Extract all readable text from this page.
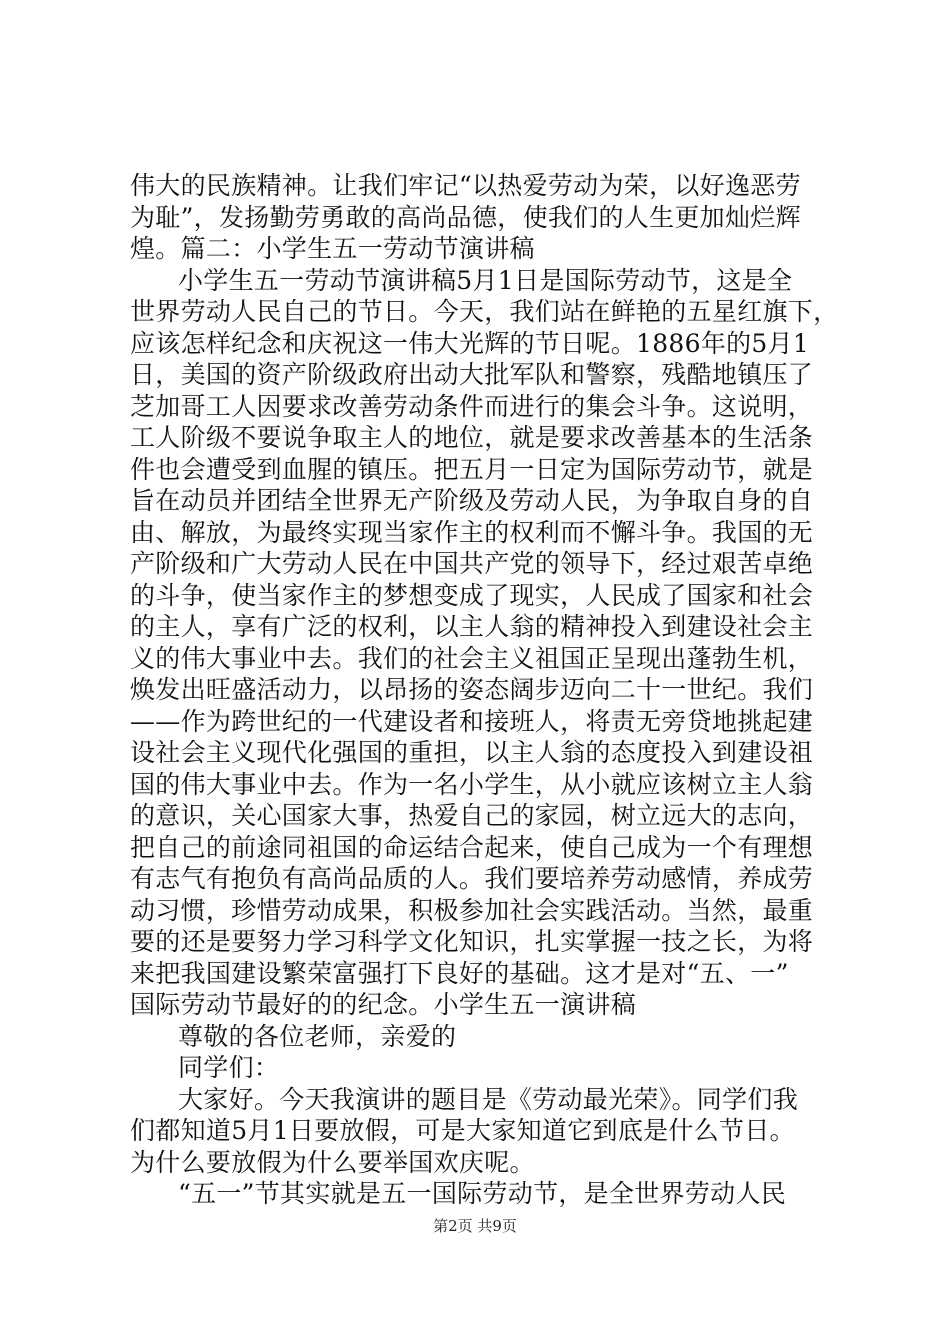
伟大的民族精神。让我们牢记“以热爱劳动为荣，以好逸恶劳
为耻”，发扬勤劳勇敢的高尚品德，使我们的人生更加灿烂辉
煌。篇二：小学生五一劳动节演讲稿
小学生五一劳动节演讲稿5月1日是国际劳动节，这是全
世界劳动人民自己的节日。今天，我们站在鲜艳的五星红旗下，
应该怎样纪念和庆祝这一伟大光辉的节日呢。1886年的5月1
日，美国的资产阶级政府出动大批军队和警察，残酷地镇压了
芝加哥工人因要求改善劳动条件而进行的集会斗争。这说明，
工人阶级不要说争取主人的地位，就是要求改善基本的生活条
件也会遭受到血腥的镇压。把五月一日定为国际劳动节，就是
旨在动员并团结全世界无产阶级及劳动人民，为争取自身的自
由、解放，为最终实现当家作主的权利而不懈斗争。我国的无
产阶级和广大劳动人民在中国共产党的领导下，经过艰苦卓绝
的斗争，使当家作主的梦想变成了现实，人民成了国家和社会
的主人，享有广泛的权利，以主人翁的精神投入到建设社会主
义的伟大事业中去。我们的社会主义祖国正呈现出蓬勃生机，
焕发出旺盛活动力，以昂扬的姿态阔步迈向二十一世纪。我们
——作为跨世纪的一代建设者和接班人，将责无旁贷地挑起建
设社会主义现代化强国的重担，以主人翁的态度投入到建设祖
国的伟大事业中去。作为一名小学生，从小就应该树立主人翁
的意识，关心国家大事，热爱自己的家园，树立远大的志向，
把自己的前途同祖国的命运结合起来，使自己成为一个有理想
有志气有抱负有高尚品质的人。我们要培养劳动感情，养成劳
动习惯，珍惜劳动成果，积极参加社会实践活动。当然，最重
要的还是要努力学习科学文化知识，扎实掌握一技之长，为将
来把我国建设繁荣富强打下良好的基础。这才是对“五、一”
国际劳动节最好的的纪念。小学生五一演讲稿
尊敬的各位老师，亲爱的
同学们：
大家好。今天我演讲的题目是《劳动最光荣》。同学们我
们都知道5月1日要放假，可是大家知道它到底是什么节日。
为什么要放假为什么要举国欢庆呢。
“五一”节其实就是五一国际劳动节，是全世界劳动人民
第2页 共9页
